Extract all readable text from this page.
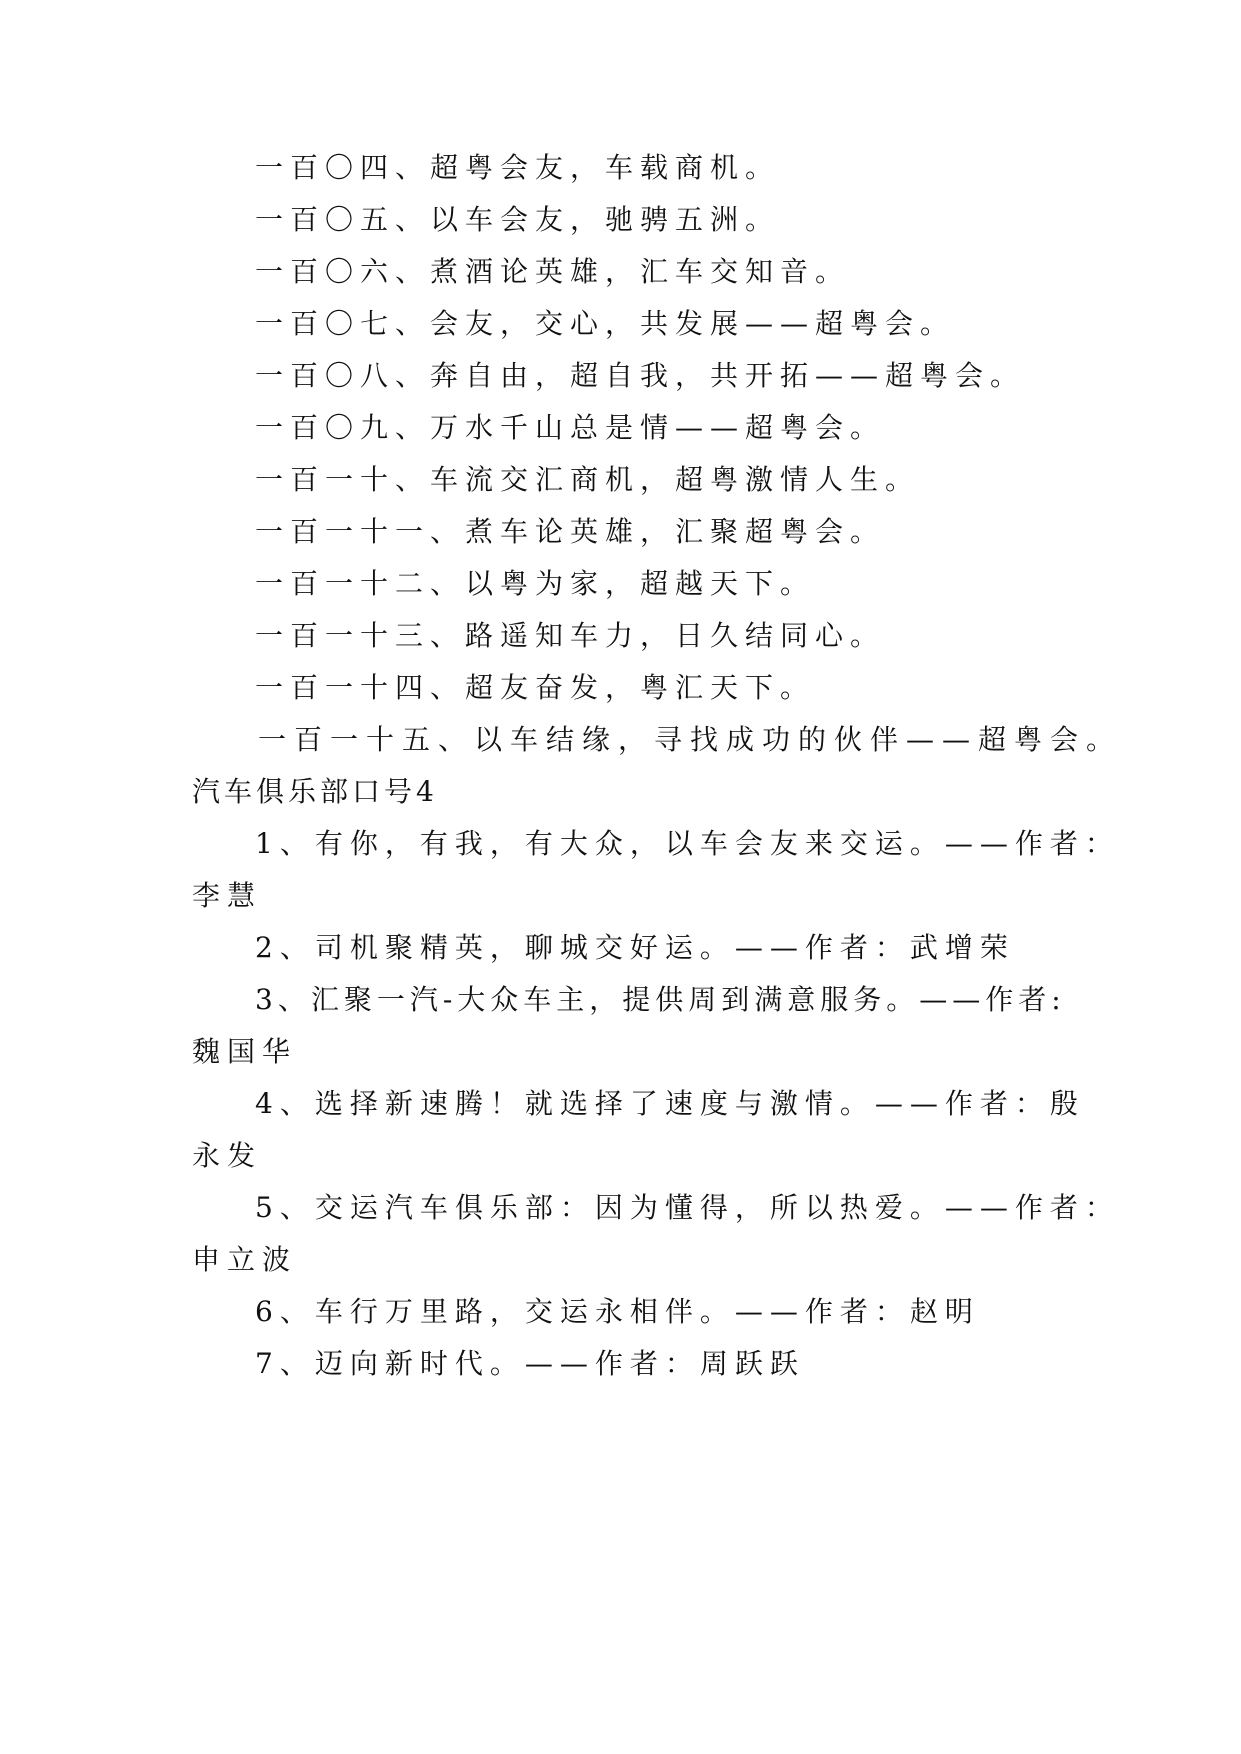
一百〇四、超粤会友，车载商机。
一百〇五、以车会友，驰骋五洲。
一百〇六、煮酒论英雄，汇车交知音。
一百〇七、会友，交心，共发展——超粤会。
一百〇八、奔自由，超自我，共开拓——超粤会。
一百〇九、万水千山总是情——超粤会。
一百一十、车流交汇商机，超粤激情人生。
一百一十一、煮车论英雄，汇聚超粤会。
一百一十二、以粤为家，超越天下。
一百一十三、路遥知车力，日久结同心。
一百一十四、超友奋发，粤汇天下。
一百一十五、以车结缘，寻找成功的伙伴——超粤会。
汽车俱乐部口号4
1、有你，有我，有大众，以车会友来交运。——作者：
李慧
2、司机聚精英，聊城交好运。——作者：武增荣
3、汇聚一汽-大众车主，提供周到满意服务。——作者:
魏国华
4、选择新速腾！就选择了速度与激情。——作者：殷
永发
5、交运汽车俱乐部：因为懂得，所以热爱。——作者：
申立波
6、车行万里路，交运永相伴。——作者：赵明
7、迈向新时代。——作者：周跃跃
